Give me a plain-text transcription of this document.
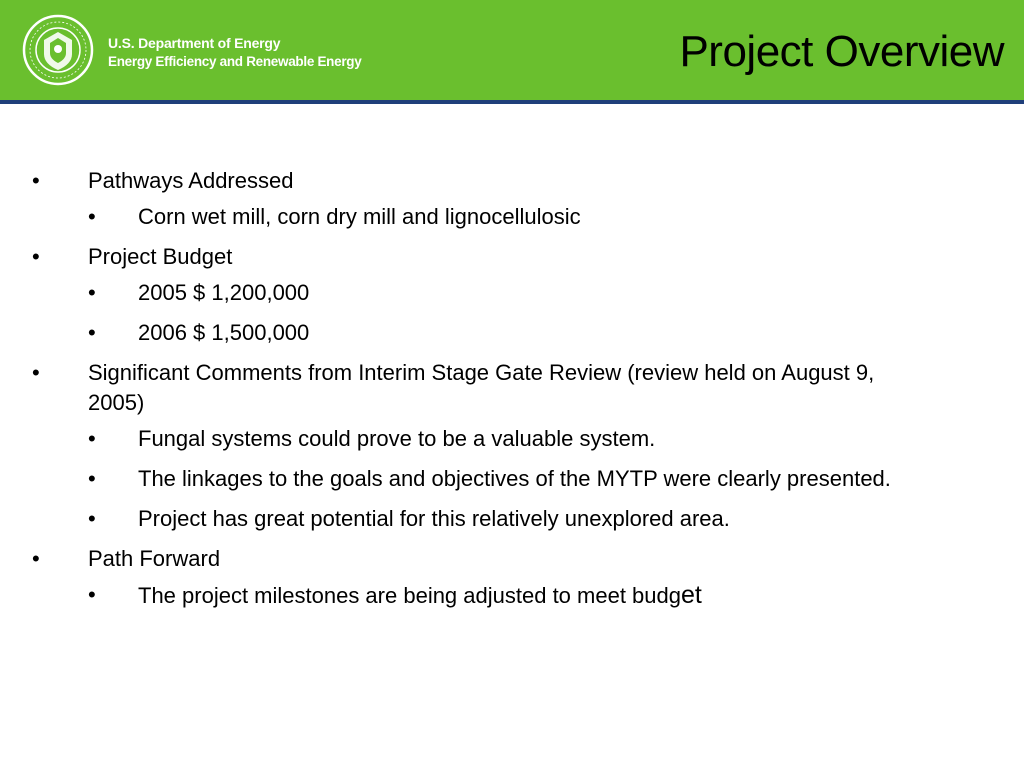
U.S. Department of Energy
Energy Efficiency and Renewable Energy	Project Overview
• Pathways Addressed
• Corn wet mill, corn dry mill and lignocellulosic
• Project Budget
• 2005 $ 1,200,000
• 2006 $ 1,500,000
• Significant Comments from Interim Stage Gate Review (review held on August 9, 2005)
• Fungal systems could prove to be a valuable system.
• The linkages to the goals and objectives of the MYTP were clearly presented.
• Project has great potential for this relatively unexplored area.
• Path Forward
• The project milestones are being adjusted to meet budget
